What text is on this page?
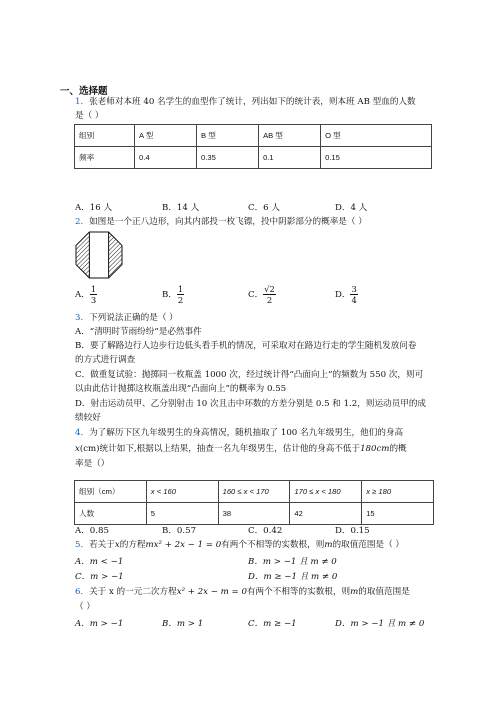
一、选择题
1．张老师对本班 40 名学生的血型作了统计，列出如下的统计表，则本班 AB 型血的人数
是（ ）
组别	A 型	B 型	AB 型	O 型
频率	0.4	0.35	0.1	0.15
A．16 人	B．14 人	C．6 人	D．4 人
2．如图是一个正八边形，向其内部投一枚飞镖，投中阴影部分的概率是（ ）
A． $\frac{1}{3}$	B． $\frac{1}{2}$	C． $\frac{√2}{2}$	D． $\frac{3}{4}$
3．下列说法正确的是（ ）
A．“清明时节雨纷纷”是必然事件
B．要了解路边行人边步行边低头看手机的情况，可采取对在路边行走的学生随机发放问卷
的方式进行调查
C．做重复试验：抛掷同一枚瓶盖 1000 次，经过统计得“凸面向上”的频数为 550 次，则可
以由此估计抛掷这枚瓶盖出现“凸面向上”的概率为 0.55
D．射击运动员甲、乙分别射击 10 次且击中环数的方差分别是 0.5 和 1.2，则运动员甲的成
绩较好
4．为了解历下区九年级男生的身高情况，随机抽取了 100 名九年级男生，他们的身高
x(cm)统计如下,根据以上结果，抽查一名九年级男生，估计他的身高不低于180cm的概
率是（）
组别（cm）	x < 160	160 ≤ x < 170	170 ≤ x < 180	x ≥ 180
人数	5	38	42	15
A．0.85	B．0.57	C．0.42	D．0.15
5．若关于x的方程mx² + 2x − 1 = 0有两个不相等的实数根，则m的取值范围是（ ）
A．m < −1	B．m > −1 且 m ≠ 0
C．m > −1	D．m ≥ −1 且 m ≠ 0
6．关于 x 的一元二次方程x² + 2x − m = 0有两个不相等的实数根，则m的取值范围是
（ ）
A．m > −1	B．m > 1	C．m ≥ −1	D．m > −1 且 m ≠ 0
